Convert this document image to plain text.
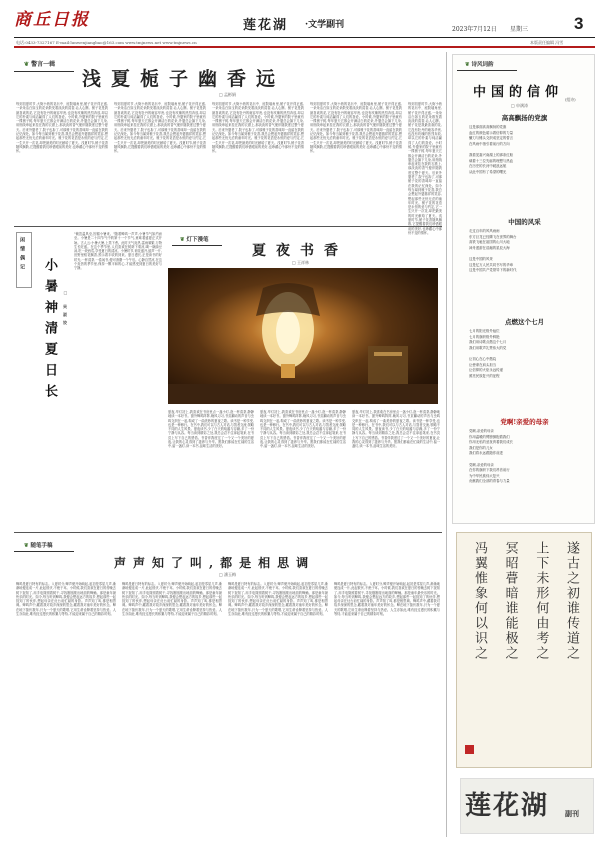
商丘日报	莲花湖 ·文学副刊	2023年7月12日 星期三	3
电话:0433-7327167 E-mail:lunwenjiangbao@163.com www.tmjnews.net www.tmjnews.cn	本版责任编辑 冯雪
❦ 警言一辑
浅夏栀子幽香远
□ 孟彬娟
每到初夏时节,大街小巷的花坛中、庭院墙角里,栀子花开得正盛,一朵朵洁白如玉的花朵散发着淡淡的清香,沁人心脾。栀子花是我最喜欢的花,它没有牡丹的雍容华贵,也没有玫瑰的热烈奔放,却以它的朴素与纯洁赢得了人们的喜爱。小时候,外婆家的院子里就有一棵栀子树,每年夏天它都会开满洁白的花朵,外婆总会摘下几朵,用细线串起来挂在我的衣襟上,那淡淡的香气便伴随我度过整个夏天。后来外婆老了,院子也拆了,可那栀子花的香味却一直留在我的记忆深处。如今每当闻到栀子花香,我总会想起外婆慈祥的笑容,想起那些无忧无虑的童年时光。栀子花的花语是永恒的爱与约定,它一生只开一次花,却把最美的时光献给了夏天。浅夏时节,栀子花香随风飘散,它提醒着我们珍惜眼前的美好,也珍藏心中那份不变的情怀。
每到初夏时节,大街小巷的花坛中、庭院墙角里,栀子花开得正盛,一朵朵洁白如玉的花朵散发着淡淡的清香,沁人心脾。栀子花是我最喜欢的花,它没有牡丹的雍容华贵,也没有玫瑰的热烈奔放,却以它的朴素与纯洁赢得了人们的喜爱。小时候,外婆家的院子里就有一棵栀子树,每年夏天它都会开满洁白的花朵,外婆总会摘下几朵,用细线串起来挂在我的衣襟上,那淡淡的香气便伴随我度过整个夏天。后来外婆老了,院子也拆了,可那栀子花的香味却一直留在我的记忆深处。如今每当闻到栀子花香,我总会想起外婆慈祥的笑容,想起那些无忧无虑的童年时光。栀子花的花语是永恒的爱与约定,它一生只开一次花,却把最美的时光献给了夏天。浅夏时节,栀子花香随风飘散,它提醒着我们珍惜眼前的美好,也珍藏心中那份不变的情怀。
每到初夏时节,大街小巷的花坛中、庭院墙角里,栀子花开得正盛,一朵朵洁白如玉的花朵散发着淡淡的清香,沁人心脾。栀子花是我最喜欢的花,它没有牡丹的雍容华贵,也没有玫瑰的热烈奔放,却以它的朴素与纯洁赢得了人们的喜爱。小时候,外婆家的院子里就有一棵栀子树,每年夏天它都会开满洁白的花朵,外婆总会摘下几朵,用细线串起来挂在我的衣襟上,那淡淡的香气便伴随我度过整个夏天。后来外婆老了,院子也拆了,可那栀子花的香味却一直留在我的记忆深处。如今每当闻到栀子花香,我总会想起外婆慈祥的笑容,想起那些无忧无虑的童年时光。栀子花的花语是永恒的爱与约定,它一生只开一次花,却把最美的时光献给了夏天。浅夏时节,栀子花香随风飘散,它提醒着我们珍惜眼前的美好,也珍藏心中那份不变的情怀。
每到初夏时节,大街小巷的花坛中、庭院墙角里,栀子花开得正盛,一朵朵洁白如玉的花朵散发着淡淡的清香,沁人心脾。栀子花是我最喜欢的花,它没有牡丹的雍容华贵,也没有玫瑰的热烈奔放,却以它的朴素与纯洁赢得了人们的喜爱。小时候,外婆家的院子里就有一棵栀子树,每年夏天它都会开满洁白的花朵,外婆总会摘下几朵,用细线串起来挂在我的衣襟上,那淡淡的香气便伴随我度过整个夏天。后来外婆老了,院子也拆了,可那栀子花的香味却一直留在我的记忆深处。如今每当闻到栀子花香,我总会想起外婆慈祥的笑容,想起那些无忧无虑的童年时光。栀子花的花语是永恒的爱与约定,它一生只开一次花,却把最美的时光献给了夏天。浅夏时节,栀子花香随风飘散,它提醒着我们珍惜眼前的美好,也珍藏心中那份不变的情怀。
每到初夏时节,大街小巷的花坛中、庭院墙角里,栀子花开得正盛,一朵朵洁白如玉的花朵散发着淡淡的清香,沁人心脾。栀子花是我最喜欢的花,它没有牡丹的雍容华贵,也没有玫瑰的热烈奔放,却以它的朴素与纯洁赢得了人们的喜爱。小时候,外婆家的院子里就有一棵栀子树,每年夏天它都会开满洁白的花朵,外婆总会摘下几朵,用细线串起来挂在我的衣襟上,那淡淡的香气便伴随我度过整个夏天。后来外婆老了,院子也拆了,可那栀子花的香味却一直留在我的记忆深处。如今每当闻到栀子花香,我总会想起外婆慈祥的笑容,想起那些无忧无虑的童年时光。栀子花的花语是永恒的爱与约定,它一生只开一次花,却把最美的时光献给了夏天。浅夏时节,栀子花香随风飘散,它提醒着我们珍惜眼前的美好,也珍藏心中那份不变的情怀。
闲情偶记
小暑神清夏日长	□ 吴淑姣
"倏忽温风至,因循小暑来。"随着蝉鸣一声声,小暑节气如约而至。小暑是二十四节气中的第十一个节气,意味着盛夏正式开始。古人云:小暑大暑,上蒸下煮。此时天气炎热,雷雨频繁,万物生长旺盛。在这个季节里,人们喜欢在树荫下乘凉,喝一碗绿豆汤,吃一块西瓜,享受夏日的清凉。小暑时节,荷花盛开,蛙声一片,田野里稻花飘香,预示着丰收的到来。夏日漫长,正是读书的好时光,一杯清茶,一卷闲书,便可消磨一个午后。心静自然凉,在这个炎热的季节里,保持一颗平和的心,才能感受到夏日的美好与宁静。
❦ 灯下漫笔
夏夜书香
□ 王祥林
夏夜,华灯初上,我喜欢在书房里点一盏小灯,泡一杯清茶,静静地读一本好书。窗外蝉鸣阵阵,晚风习习,书页翻动的声音与虫鸣交织在一起,构成了一曲美妙的夏夜之歌。读书是一种享受,也是一种修行。在书中,我们可以与古人对话,与智者交流,领略不同的人生风景。夏夜读书,少了白天的喧嚣与浮躁,多了一份宁静与从容。每当读到精彩之处,我总会忍不住拿起笔来,在书页上写下自己的感悟。书香伴我度过了一个又一个美好的夏夜,让我的心灵得到了滋养与升华。愿我们都能在忙碌的生活中,留一盏灯,读一本书,品味生活的美好。
夏夜,华灯初上,我喜欢在书房里点一盏小灯,泡一杯清茶,静静地读一本好书。窗外蝉鸣阵阵,晚风习习,书页翻动的声音与虫鸣交织在一起,构成了一曲美妙的夏夜之歌。读书是一种享受,也是一种修行。在书中,我们可以与古人对话,与智者交流,领略不同的人生风景。夏夜读书,少了白天的喧嚣与浮躁,多了一份宁静与从容。每当读到精彩之处,我总会忍不住拿起笔来,在书页上写下自己的感悟。书香伴我度过了一个又一个美好的夏夜,让我的心灵得到了滋养与升华。愿我们都能在忙碌的生活中,留一盏灯,读一本书,品味生活的美好。
夏夜,华灯初上,我喜欢在书房里点一盏小灯,泡一杯清茶,静静地读一本好书。窗外蝉鸣阵阵,晚风习习,书页翻动的声音与虫鸣交织在一起,构成了一曲美妙的夏夜之歌。读书是一种享受,也是一种修行。在书中,我们可以与古人对话,与智者交流,领略不同的人生风景。夏夜读书,少了白天的喧嚣与浮躁,多了一份宁静与从容。每当读到精彩之处,我总会忍不住拿起笔来,在书页上写下自己的感悟。书香伴我度过了一个又一个美好的夏夜,让我的心灵得到了滋养与升华。愿我们都能在忙碌的生活中,留一盏灯,读一本书,品味生活的美好。
❦ 随笔手稿
声声知了叫,都是相思调
□ 潘玉梅
蝉鸣是夏日特有的标志。入夏时分,蝉声便开始响起,起初是零星几声,渐渐地便连成一片,此起彼伏,不绝于耳。小时候,我们喜欢在夏日的傍晚去树下捉知了,用手电筒照着树干,寻找刚刚爬出地面的蝉蛹。那是童年最快乐的时光。如今,每当听到蝉鸣,我便会想起远方的故乡,想起那些一起捉知了的伙伴,想起母亲在灶台前忙碌的身影。声声知了叫,都是相思调。蝉鸣声中,藏着我对故乡深深的思念,藏着我对童年美好的怀念。蝉在地下蛰伏数年,只为一个夏天的歌唱,它用生命诠释着坚持与热爱。人生亦如此,唯有经过漫长的积累与等待,才能迎来属于自己的精彩时刻。
蝉鸣是夏日特有的标志。入夏时分,蝉声便开始响起,起初是零星几声,渐渐地便连成一片,此起彼伏,不绝于耳。小时候,我们喜欢在夏日的傍晚去树下捉知了,用手电筒照着树干,寻找刚刚爬出地面的蝉蛹。那是童年最快乐的时光。如今,每当听到蝉鸣,我便会想起远方的故乡,想起那些一起捉知了的伙伴,想起母亲在灶台前忙碌的身影。声声知了叫,都是相思调。蝉鸣声中,藏着我对故乡深深的思念,藏着我对童年美好的怀念。蝉在地下蛰伏数年,只为一个夏天的歌唱,它用生命诠释着坚持与热爱。人生亦如此,唯有经过漫长的积累与等待,才能迎来属于自己的精彩时刻。
蝉鸣是夏日特有的标志。入夏时分,蝉声便开始响起,起初是零星几声,渐渐地便连成一片,此起彼伏,不绝于耳。小时候,我们喜欢在夏日的傍晚去树下捉知了,用手电筒照着树干,寻找刚刚爬出地面的蝉蛹。那是童年最快乐的时光。如今,每当听到蝉鸣,我便会想起远方的故乡,想起那些一起捉知了的伙伴,想起母亲在灶台前忙碌的身影。声声知了叫,都是相思调。蝉鸣声中,藏着我对故乡深深的思念,藏着我对童年美好的怀念。蝉在地下蛰伏数年,只为一个夏天的歌唱,它用生命诠释着坚持与热爱。人生亦如此,唯有经过漫长的积累与等待,才能迎来属于自己的精彩时刻。
蝉鸣是夏日特有的标志。入夏时分,蝉声便开始响起,起初是零星几声,渐渐地便连成一片,此起彼伏,不绝于耳。小时候,我们喜欢在夏日的傍晚去树下捉知了,用手电筒照着树干,寻找刚刚爬出地面的蝉蛹。那是童年最快乐的时光。如今,每当听到蝉鸣,我便会想起远方的故乡,想起那些一起捉知了的伙伴,想起母亲在灶台前忙碌的身影。声声知了叫,都是相思调。蝉鸣声中,藏着我对故乡深深的思念,藏着我对童年美好的怀念。蝉在地下蛰伏数年,只为一个夏天的歌唱,它用生命诠释着坚持与热爱。人生亦如此,唯有经过漫长的积累与等待,才能迎来属于自己的精彩时刻。
❦ 诗风词韵
中国的信仰 (组诗)
□ 申满涛
高高飘扬的党旗
这是那面高高飘扬的党旗
血红的颜色昭示着信仰的力量
镰刀与锤头交织成坚定的誓言
在风雨中指引着前行的方向

我看见嘉兴南湖上的那条红船
载着十三位先驱的理想与热血
在历史的长河中破浪远航
从此中国有了希望的曙光
中国的风采
走过百年的风风雨雨
东方巨龙已经腾飞在世界的舞台
高铁飞驰在祖国的山川大地
神舟遨游在浩瀚的星辰大海

这是中国的风采
这是亿万人民共同书写的华章
这是中国共产党领导下的新时代
点燃这个七月
七月的阳光格外灿烂
七月的旗帜格外鲜艳
我们用诗歌点燃这个七月
我们用歌声礼赞伟大的党

让初心在心中燃烧
让使命在肩头担当
让信仰的火炬永远传递
照亮民族复兴的征程
党啊!亲爱的母亲
党啊,亲爱的母亲
你用温暖的臂膀拥抱着我们
你用无私的爱抚育着我们成长
我们是你的儿女
我们将永远跟随你前进

党啊,亲爱的母亲
在你的旗帜下我们昂首前行
为中华民族伟大复兴
贡献我们全部的青春与力量
遂古之初谁传道之
上下未形何由考之
冥昭瞢暗谁能极之
冯翼惟象何以识之
莲花湖 副刊
